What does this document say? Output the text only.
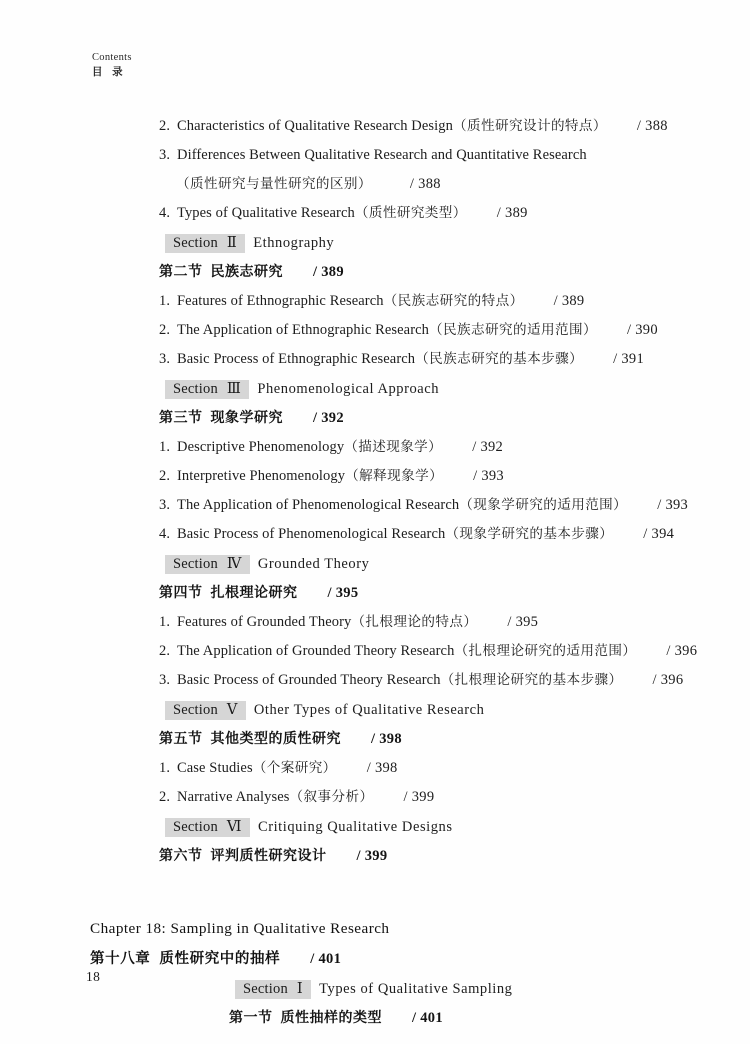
Contents
目 录
2. Characteristics of Qualitative Research Design（质性研究设计的特点） / 388
3. Differences Between Qualitative Research and Quantitative Research
（质性研究与量性研究的区别）	/ 388
4. Types of Qualitative Research（质性研究类型） / 389
Section Ⅱ Ethnography
第二节 民族志研究 / 389
1. Features of Ethnographic Research（民族志研究的特点） / 389
2. The Application of Ethnographic Research（民族志研究的适用范围） / 390
3. Basic Process of Ethnographic Research（民族志研究的基本步骤） / 391
Section Ⅲ Phenomenological Approach
第三节 现象学研究 / 392
1. Descriptive Phenomenology（描述现象学） / 392
2. Interpretive Phenomenology（解释现象学） / 393
3. The Application of Phenomenological Research（现象学研究的适用范围） / 393
4. Basic Process of Phenomenological Research（现象学研究的基本步骤） / 394
Section Ⅳ Grounded Theory
第四节 扎根理论研究 / 395
1. Features of Grounded Theory（扎根理论的特点） / 395
2. The Application of Grounded Theory Research（扎根理论研究的适用范围） / 396
3. Basic Process of Grounded Theory Research（扎根理论研究的基本步骤） / 396
Section Ⅴ Other Types of Qualitative Research
第五节 其他类型的质性研究 / 398
1. Case Studies（个案研究） / 398
2. Narrative Analyses（叙事分析） / 399
Section Ⅵ Critiquing Qualitative Designs
第六节 评判质性研究设计 / 399
Chapter 18: Sampling in Qualitative Research
第十八章 质性研究中的抽样 / 401
Section Ⅰ Types of Qualitative Sampling
第一节 质性抽样的类型 / 401
18
